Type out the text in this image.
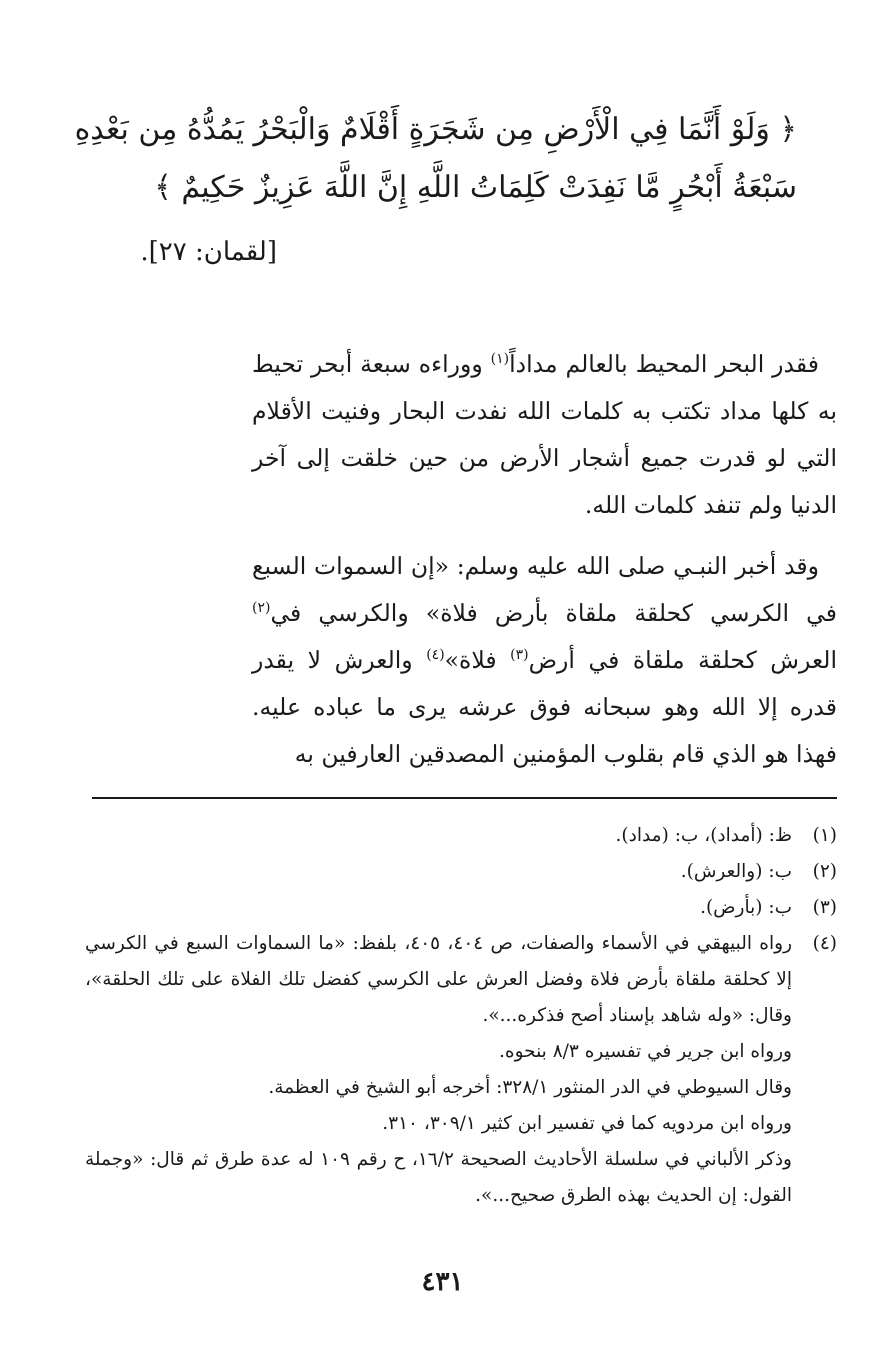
﴿ وَلَوْ أَنَّمَا فِي الْأَرْضِ مِن شَجَرَةٍ أَقْلَامٌ وَالْبَحْرُ يَمُدُّهُ مِن بَعْدِهِ
سَبْعَةُ أَبْحُرٍ مَّا نَفِدَتْ كَلِمَاتُ اللَّهِ إِنَّ اللَّهَ عَزِيزٌ حَكِيمٌ ﴾
[لقمان: ٢٧].

فقدر البحر المحيط بالعالم مداداً$^{(١)}$ ووراءه سبعة أبحر تحيط به كلها مداد تكتب به كلمات الله نفدت البحار وفنيت الأقلام التي لو قدرت جميع أشجار الأرض من حين خلقت إلى آخر الدنيا ولم تنفد كلمات الله.

وقد أخبر النبـي صلى الله عليه وسلم: «إن السموات السبع في الكرسي كحلقة ملقاة بأرض فلاة» والكرسي في$^{(٢)}$ العرش كحلقة ملقاة في أرض$^{(٣)}$ فلاة»$^{(٤)}$ والعرش لا يقدر قدره إلا الله وهو سبحانه فوق عرشه يرى ما عباده عليه. فهذا هو الذي قام بقلوب المؤمنين المصدقين العارفين به

(١)
ظ: (أمداد)، ب: (مداد).
(٢)
ب: (والعرش).
(٣)
ب: (بأرض).
(٤)
رواه البيهقي في الأسماء والصفات، ص ٤٠٤، ٤٠٥، بلفظ: «ما السماوات السبع في الكرسي إلا كحلقة ملقاة بأرض فلاة وفضل العرش على الكرسي كفضل تلك الفلاة على تلك الحلقة»، وقال: «وله شاهد بإسناد أصح فذكره...».
ورواه ابن جرير في تفسيره ٨/٣ بنحوه.
وقال السيوطي في الدر المنثور ٣٢٨/١: أخرجه أبو الشيخ في العظمة.
ورواه ابن مردويه كما في تفسير ابن كثير ٣٠٩/١، ٣١٠.
وذكر الألباني في سلسلة الأحاديث الصحيحة ١٦/٢، ح رقم ١٠٩ له عدة طرق ثم قال: «وجملة القول: إن الحديث بهذه الطرق صحيح...».
٤٣١
